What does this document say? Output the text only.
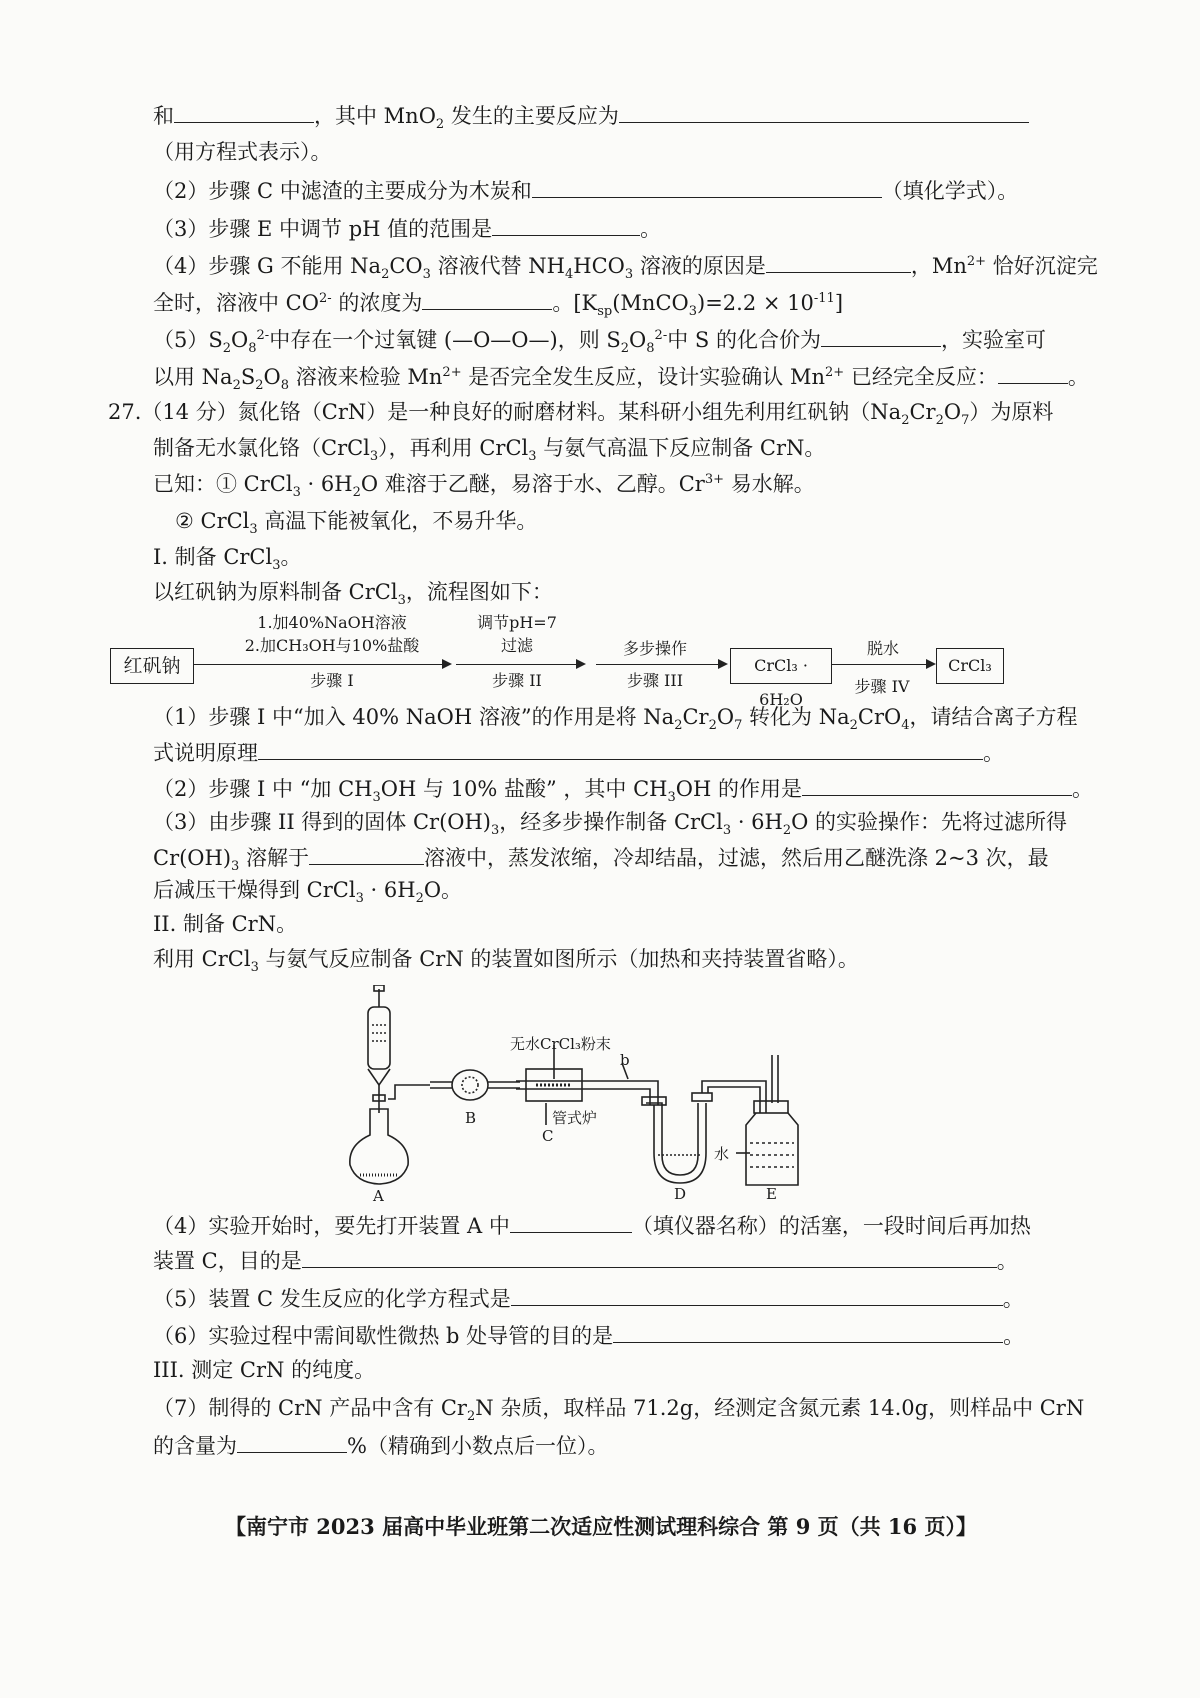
和	，其中 MnO$_2$ 发生的主要反应为
（用方程式表示）。
（2）步骤 C 中滤渣的主要成分为木炭和	（填化学式）。
（3）步骤 E 中调节 pH 值的范围是	。
（4）步骤 G 不能用 $Na_2CO_3$ 溶液代替 $NH_4HCO_3$ 溶液的原因是	，$Mn^{2+}$ 恰好沉淀完
全时，溶液中 $CO^{2-}$ 的浓度为	。$[K_{sp}(MnCO_3)=2.2 \times 10^{-11}]$
$(5)S_2O_8^{2-}$中存在一个过氧键 (—O—O—)，则 $S_2O_8^{2-}$中 S 的化合价为	，实验室可
以用 $Na_2S_2O_8$ 溶液来检验 $Mn^{2+}$ 是否完全发生反应，设计实验确认 $Mn^{2+}$ 已经完全反应：	。
27.（14 分）氮化铬（CrN）是一种良好的耐磨材料。某科研小组先利用红矾钠$(Na_2Cr_2O_7)$为原料
制备无水氯化铬（CrCl$_3$），再利用 CrCl$_3$ 与氨气高温下反应制备 CrN。
已知：① CrCl$_3$ · $6H_2O$ 难溶于乙醚，易溶于水、乙醇。$Cr^{3+}$ 易水解。
② CrCl$_3$ 高温下能被氧化，不易升华。
I. 制备 CrCl$_3$。
以红矾钠为原料制备 CrCl$_3$，流程图如下：
红矾钠
1.加40%NaOH溶液
2.加CH₃OH与10%盐酸
步骤 I
调节pH=7
过滤
步骤 II
多步操作
步骤 III
CrCl₃ · 6H₂O
脱水
步骤 IV
CrCl₃
（1）步骤 I 中“加入 40% NaOH 溶液”的作用是将 $Na_2Cr_2O_7$ 转化为 $Na_2CrO_4$，请结合离子方程
式说明原理	。
（2）步骤 I 中 “加 $CH_3OH$ 与 10% 盐酸” ，其中 $CH_3OH$ 的作用是	。
（3）由步骤 II 得到的固体 $Cr(OH)_3$，经多步操作制备 CrCl$_3$ · $6H_2O$ 的实验操作：先将过滤所得
$Cr(OH)_3$ 溶解于	溶液中，蒸发浓缩，冷却结晶，过滤，然后用乙醚洗涤 2~3 次，最
后减压干燥得到 CrCl$_3$ · $6H_2O$。
II. 制备 CrN。
利用 CrCl$_3$ 与氨气反应制备 CrN 的装置如图所示（加热和夹持装置省略）。
无水CrCl₃粉末
b
管式炉
水
A
B
C
D	E
（4）实验开始时，要先打开装置 A 中	（填仪器名称）的活塞，一段时间后再加热
装置 C，目的是	。
（5）装置 C 发生反应的化学方程式是	。
（6）实验过程中需间歇性微热 b 处导管的目的是	。
III. 测定 CrN 的纯度。
（7）制得的 CrN 产品中含有 $Cr_2N$ 杂质，取样品 71.2g，经测定含氮元素 14.0g，则样品中 CrN
的含量为	%（精确到小数点后一位）。
【南宁市 2023 届高中毕业班第二次适应性测试理科综合 第 9 页（共 16 页）】
